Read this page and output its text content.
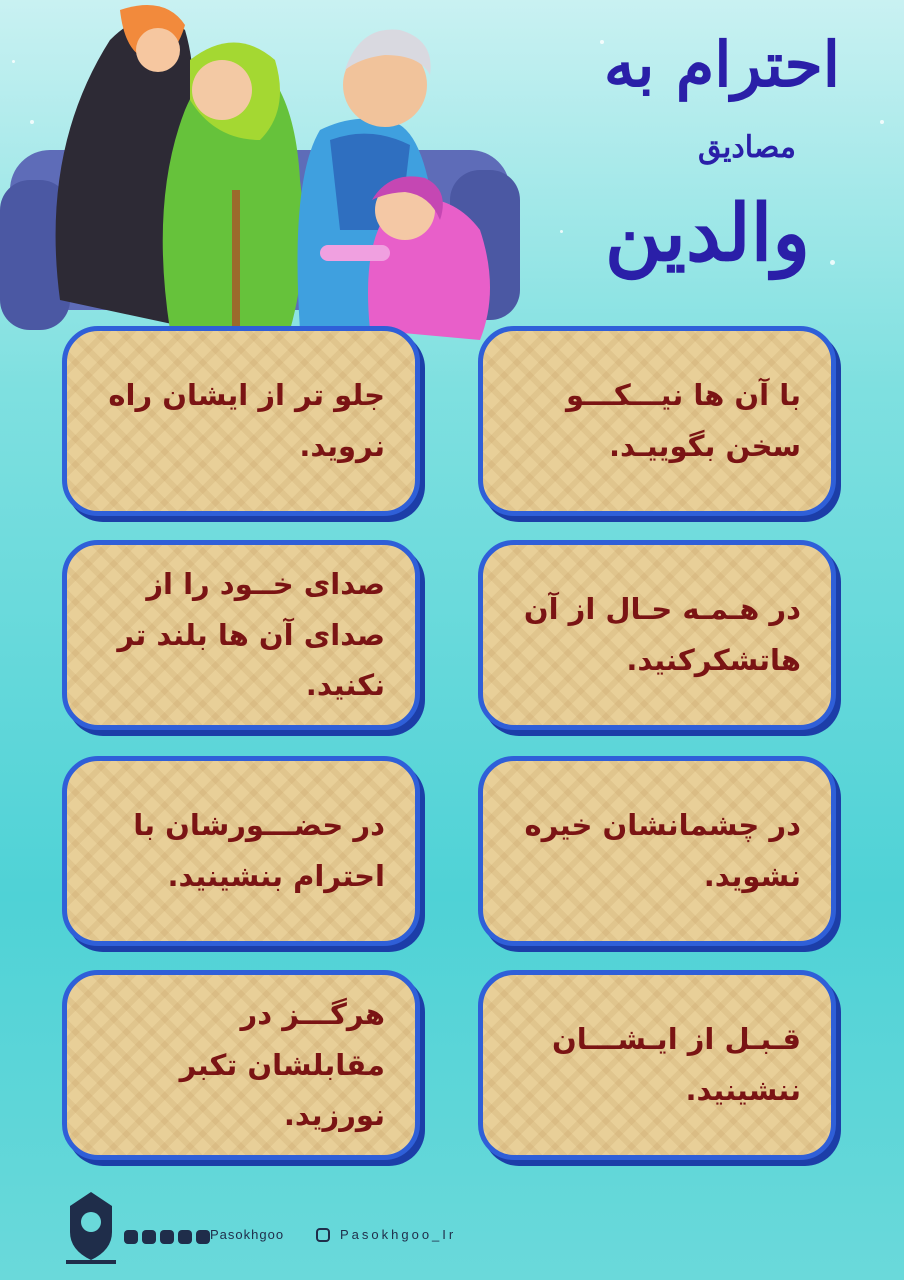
احترام به
مصادیق
والدین
با آن ها نیـــکـــو سخن بگوییـد.
جلو تر از ایشان راه نروید.
در هـمـه حـال از آن هاتشکرکنید.
صدای خــود را از صدای آن ها بلند تر نکنید.
در چشمانشان خیره نشوید.
در حضـــورشان با احترام بنشینید.
قـبـل از ایـشـــان ننشینید.
هرگـــز در مقابلشان تکبر نورزید.
Pasokhgoo	Pasokhgoo_Ir
